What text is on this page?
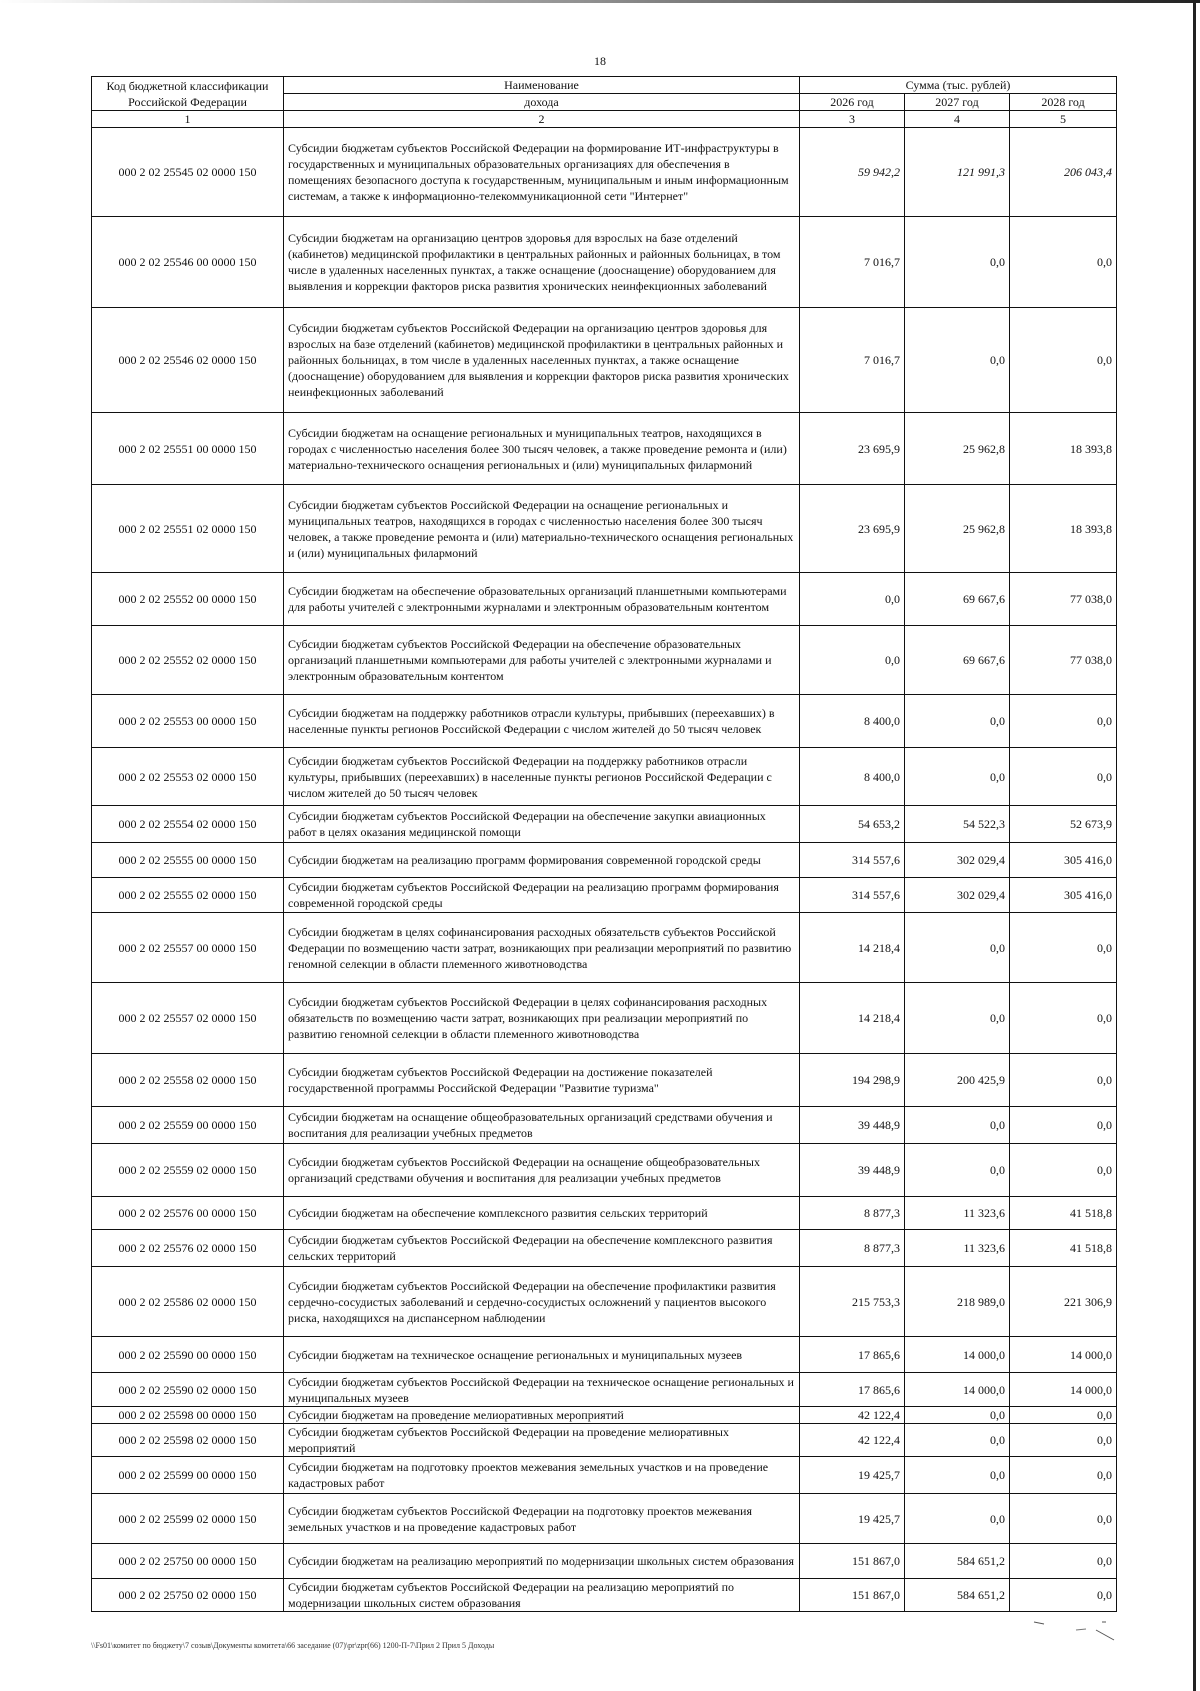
18
Код бюджетной классификации Российской Федерации	Наименование	Сумма (тыс. рублей)		
	дохода	2026 год	2027 год	2028 год
1	2	3	4	5
000 2 02 25545 02 0000 150	Субсидии бюджетам субъектов Российской Федерации на формирование ИТ-инфраструктуры в государственных и муниципальных образовательных организациях для обеспечения в помещениях безопасного доступа к государственным, муниципальным и иным информационным системам, а также к информационно-телекоммуникационной сети "Интернет"	59 942,2	121 991,3	206 043,4
000 2 02 25546 00 0000 150	Субсидии бюджетам на организацию центров здоровья для взрослых на базе отделений (кабинетов) медицинской профилактики в центральных районных и районных больницах, в том числе в удаленных населенных пунктах, а также оснащение (дооснащение) оборудованием для выявления и коррекции факторов риска развития хронических неинфекционных заболеваний	7 016,7	0,0	0,0
000 2 02 25546 02 0000 150	Субсидии бюджетам субъектов Российской Федерации на организацию центров здоровья для взрослых на базе отделений (кабинетов) медицинской профилактики в центральных районных и районных больницах, в том числе в удаленных населенных пунктах, а также оснащение (дооснащение) оборудованием для выявления и коррекции факторов риска развития хронических неинфекционных заболеваний	7 016,7	0,0	0,0
000 2 02 25551 00 0000 150	Субсидии бюджетам на оснащение региональных и муниципальных театров, находящихся в городах с численностью населения более 300 тысяч человек, а также проведение ремонта и (или) материально-технического оснащения региональных и (или) муниципальных филармоний	23 695,9	25 962,8	18 393,8
000 2 02 25551 02 0000 150	Субсидии бюджетам субъектов Российской Федерации на оснащение региональных и муниципальных театров, находящихся в городах с численностью населения более 300 тысяч человек, а также проведение ремонта и (или) материально-технического оснащения региональных и (или) муниципальных филармоний	23 695,9	25 962,8	18 393,8
000 2 02 25552 00 0000 150	Субсидии бюджетам на обеспечение образовательных организаций планшетными компьютерами для работы учителей с электронными журналами и электронным образовательным контентом	0,0	69 667,6	77 038,0
000 2 02 25552 02 0000 150	Субсидии бюджетам субъектов Российской Федерации на обеспечение образовательных организаций планшетными компьютерами для работы учителей с электронными журналами и электронным образовательным контентом	0,0	69 667,6	77 038,0
000 2 02 25553 00 0000 150	Субсидии бюджетам на поддержку работников отрасли культуры, прибывших (переехавших) в населенные пункты регионов Российской Федерации с числом жителей до 50 тысяч человек	8 400,0	0,0	0,0
000 2 02 25553 02 0000 150	Субсидии бюджетам субъектов Российской Федерации на поддержку работников отрасли культуры, прибывших (переехавших) в населенные пункты регионов Российской Федерации с числом жителей до 50 тысяч человек	8 400,0	0,0	0,0
000 2 02 25554 02 0000 150	Субсидии бюджетам субъектов Российской Федерации на обеспечение закупки авиационных работ в целях оказания медицинской помощи	54 653,2	54 522,3	52 673,9
000 2 02 25555 00 0000 150	Субсидии бюджетам на реализацию программ формирования современной городской среды	314 557,6	302 029,4	305 416,0
000 2 02 25555 02 0000 150	Субсидии бюджетам субъектов Российской Федерации на реализацию программ формирования современной городской среды	314 557,6	302 029,4	305 416,0
000 2 02 25557 00 0000 150	Субсидии бюджетам в целях софинансирования расходных обязательств субъектов Российской Федерации по возмещению части затрат, возникающих при реализации мероприятий по развитию геномной селекции в области племенного животноводства	14 218,4	0,0	0,0
000 2 02 25557 02 0000 150	Субсидии бюджетам субъектов Российской Федерации в целях софинансирования расходных обязательств по возмещению части затрат, возникающих при реализации мероприятий по развитию геномной селекции в области племенного животноводства	14 218,4	0,0	0,0
000 2 02 25558 02 0000 150	Субсидии бюджетам субъектов Российской Федерации на достижение показателей государственной программы Российской Федерации "Развитие туризма"	194 298,9	200 425,9	0,0
000 2 02 25559 00 0000 150	Субсидии бюджетам на оснащение общеобразовательных организаций средствами обучения и воспитания для реализации учебных предметов	39 448,9	0,0	0,0
000 2 02 25559 02 0000 150	Субсидии бюджетам субъектов Российской Федерации на оснащение общеобразовательных организаций средствами обучения и воспитания для реализации учебных предметов	39 448,9	0,0	0,0
000 2 02 25576 00 0000 150	Субсидии бюджетам на обеспечение комплексного развития сельских территорий	8 877,3	11 323,6	41 518,8
000 2 02 25576 02 0000 150	Субсидии бюджетам субъектов Российской Федерации на обеспечение комплексного развития сельских территорий	8 877,3	11 323,6	41 518,8
000 2 02 25586 02 0000 150	Субсидии бюджетам субъектов Российской Федерации на обеспечение профилактики развития сердечно-сосудистых заболеваний и сердечно-сосудистых осложнений у пациентов высокого риска, находящихся на диспансерном наблюдении	215 753,3	218 989,0	221 306,9
000 2 02 25590 00 0000 150	Субсидии бюджетам на техническое оснащение региональных и муниципальных музеев	17 865,6	14 000,0	14 000,0
000 2 02 25590 02 0000 150	Субсидии бюджетам субъектов Российской Федерации на техническое оснащение региональных и муниципальных музеев	17 865,6	14 000,0	14 000,0
000 2 02 25598 00 0000 150	Субсидии бюджетам на проведение мелиоративных мероприятий	42 122,4	0,0	0,0
000 2 02 25598 02 0000 150	Субсидии бюджетам субъектов Российской Федерации на проведение мелиоративных мероприятий	42 122,4	0,0	0,0
000 2 02 25599 00 0000 150	Субсидии бюджетам на подготовку проектов межевания земельных участков и на проведение кадастровых работ	19 425,7	0,0	0,0
000 2 02 25599 02 0000 150	Субсидии бюджетам субъектов Российской Федерации на подготовку проектов межевания земельных участков и на проведение кадастровых работ	19 425,7	0,0	0,0
000 2 02 25750 00 0000 150	Субсидии бюджетам на реализацию мероприятий по модернизации школьных систем образования	151 867,0	584 651,2	0,0
000 2 02 25750 02 0000 150	Субсидии бюджетам субъектов Российской Федерации на реализацию мероприятий по модернизации школьных систем образования	151 867,0	584 651,2	0,0
\\Fs01\комитет по бюджету\7 созыв\Документы комитета\66 заседание (07)\pr\zpr(66) 1200-П-7\Прил 2 Прил 5 Доходы
